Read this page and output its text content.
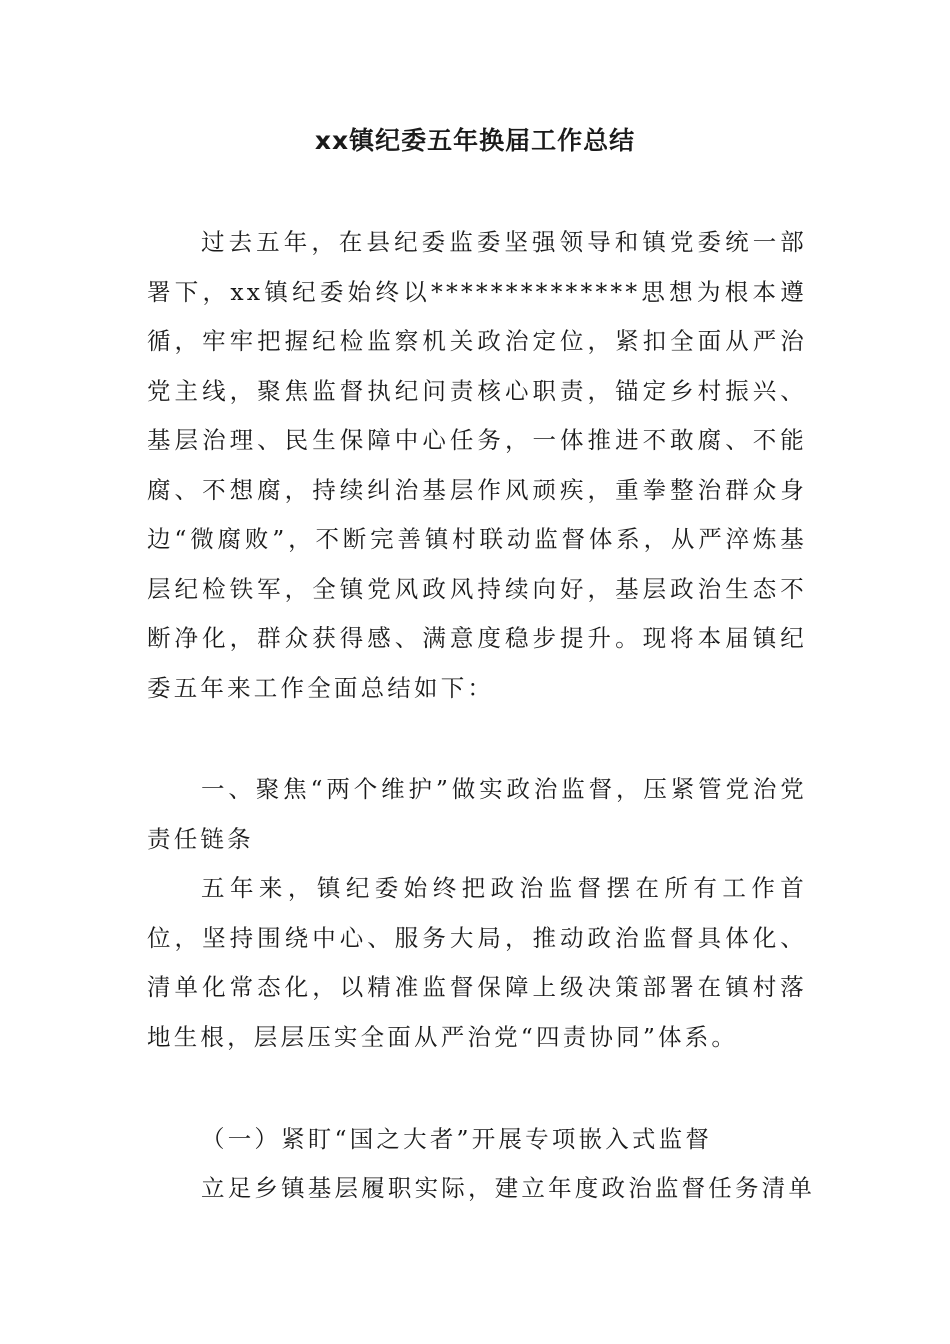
xx镇纪委五年换届工作总结

过去五年，在县纪委监委坚强领导和镇党委统一部署下，xx镇纪委始终以**************思想为根本遵循，牢牢把握纪检监察机关政治定位，紧扣全面从严治党主线，聚焦监督执纪问责核心职责，锚定乡村振兴、基层治理、民生保障中心任务，一体推进不敢腐、不能腐、不想腐，持续纠治基层作风顽疾，重拳整治群众身边“微腐败”，不断完善镇村联动监督体系，从严淬炼基层纪检铁军，全镇党风政风持续向好，基层政治生态不断净化，群众获得感、满意度稳步提升。现将本届镇纪委五年来工作全面总结如下：

一、聚焦“两个维护”做实政治监督，压紧管党治党责任链条

五年来，镇纪委始终把政治监督摆在所有工作首位，坚持围绕中心、服务大局，推动政治监督具体化、清单化常态化，以精准监督保障上级决策部署在镇村落地生根，层层压实全面从严治党“四责协同”体系。

（一）紧盯“国之大者”开展专项嵌入式监督

立足乡镇基层履职实际，建立年度政治监督任务清单
